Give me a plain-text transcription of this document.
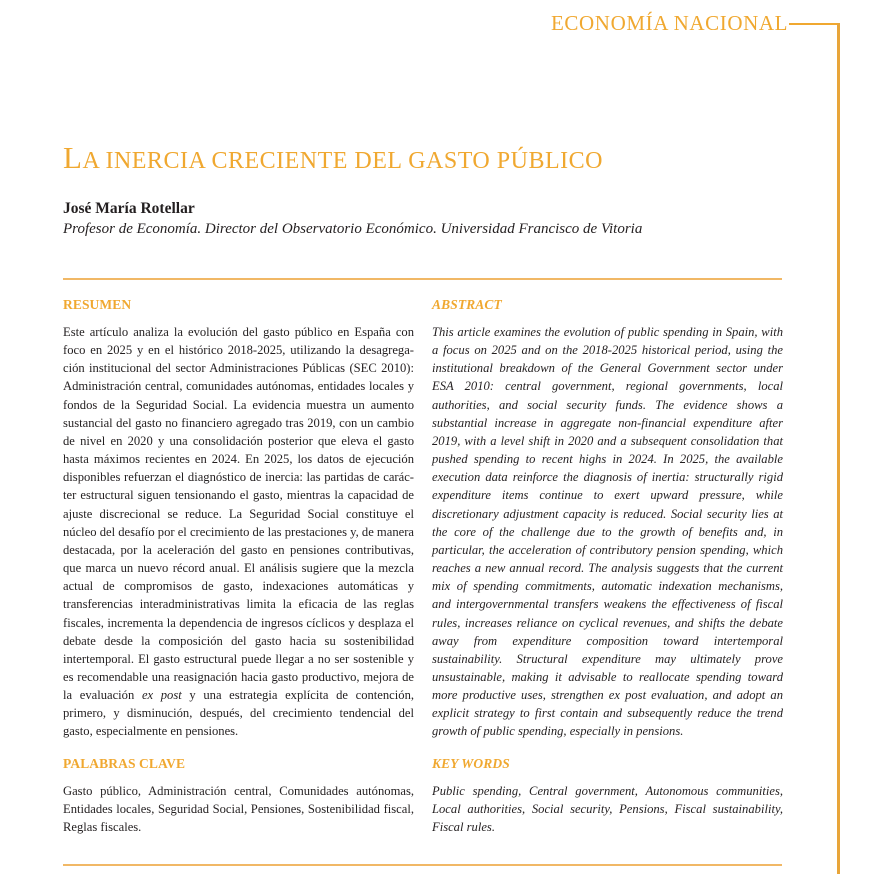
ECONOMÍA NACIONAL
LA INERCIA CRECIENTE DEL GASTO PÚBLICO
José María Rotellar
Profesor de Economía. Director del Observatorio Económico. Universidad Francisco de Vitoria
RESUMEN

Este artículo analiza la evolución del gasto público en España con foco en 2025 y en el histórico 2018-2025, utilizando la desagregación institucional del sector Administraciones Públicas (SEC 2010): Administración central, comunidades autónomas, entidades locales y fondos de la Seguridad Social. La evidencia muestra un aumento sustancial del gasto no financiero agregado tras 2019, con un cambio de nivel en 2020 y una consolidación posterior que eleva el gasto hasta máximos recientes en 2024. En 2025, los datos de ejecución disponibles refuerzan el diagnóstico de inercia: las partidas de carácter estructural siguen tensionando el gasto, mientras la capacidad de ajuste discrecional se reduce. La Seguridad Social constituye el núcleo del desafío por el crecimiento de las prestaciones y, de manera destacada, por la aceleración del gasto en pensiones contributivas, que marca un nuevo récord anual. El análisis sugiere que la mezcla actual de compromisos de gasto, indexaciones automáticas y transferencias interadministrativas limita la eficacia de las reglas fiscales, incrementa la dependencia de ingresos cíclicos y desplaza el debate desde la composición del gasto hacia su sostenibilidad intertemporal. El gasto estructural puede llegar a no ser sostenible y es recomendable una reasignación hacia gasto productivo, mejora de la evaluación ex post y una estrategia explícita de contención, primero, y disminución, después, del crecimiento tendencial del gasto, especialmente en pensiones.

PALABRAS CLAVE

Gasto público, Administración central, Comunidades autónomas, Entidades locales, Seguridad Social, Pensiones, Sostenibilidad fiscal, Reglas fiscales.

ABSTRACT

This article examines the evolution of public spending in Spain, with a focus on 2025 and on the 2018-2025 historical period, using the institutional breakdown of the General Government sector under ESA 2010: central government, regional governments, local authorities, and social security funds. The evidence shows a substantial increase in aggregate non-financial expenditure after 2019, with a level shift in 2020 and a subsequent consolidation that pushed spending to recent highs in 2024. In 2025, the available execution data reinforce the diagnosis of inertia: structurally rigid expenditure items continue to exert upward pressure, while discretionary adjustment capacity is reduced. Social security lies at the core of the challenge due to the growth of benefits and, in particular, the acceleration of contributory pension spending, which reaches a new annual record. The analysis suggests that the current mix of spending commitments, automatic indexation mechanisms, and intergovernmental transfers weakens the effectiveness of fiscal rules, increases reliance on cyclical revenues, and shifts the debate away from expenditure composition toward intertemporal sustainability. Structural expenditure may ultimately prove unsustainable, making it advisable to reallocate spending toward more productive uses, strengthen ex post evaluation, and adopt an explicit strategy to first contain and subsequently reduce the trend growth of public spending, especially in pensions.

KEY WORDS

Public spending, Central government, Autonomous communities, Local authorities, Social security, Pensions, Fiscal sustainability, Fiscal rules.
